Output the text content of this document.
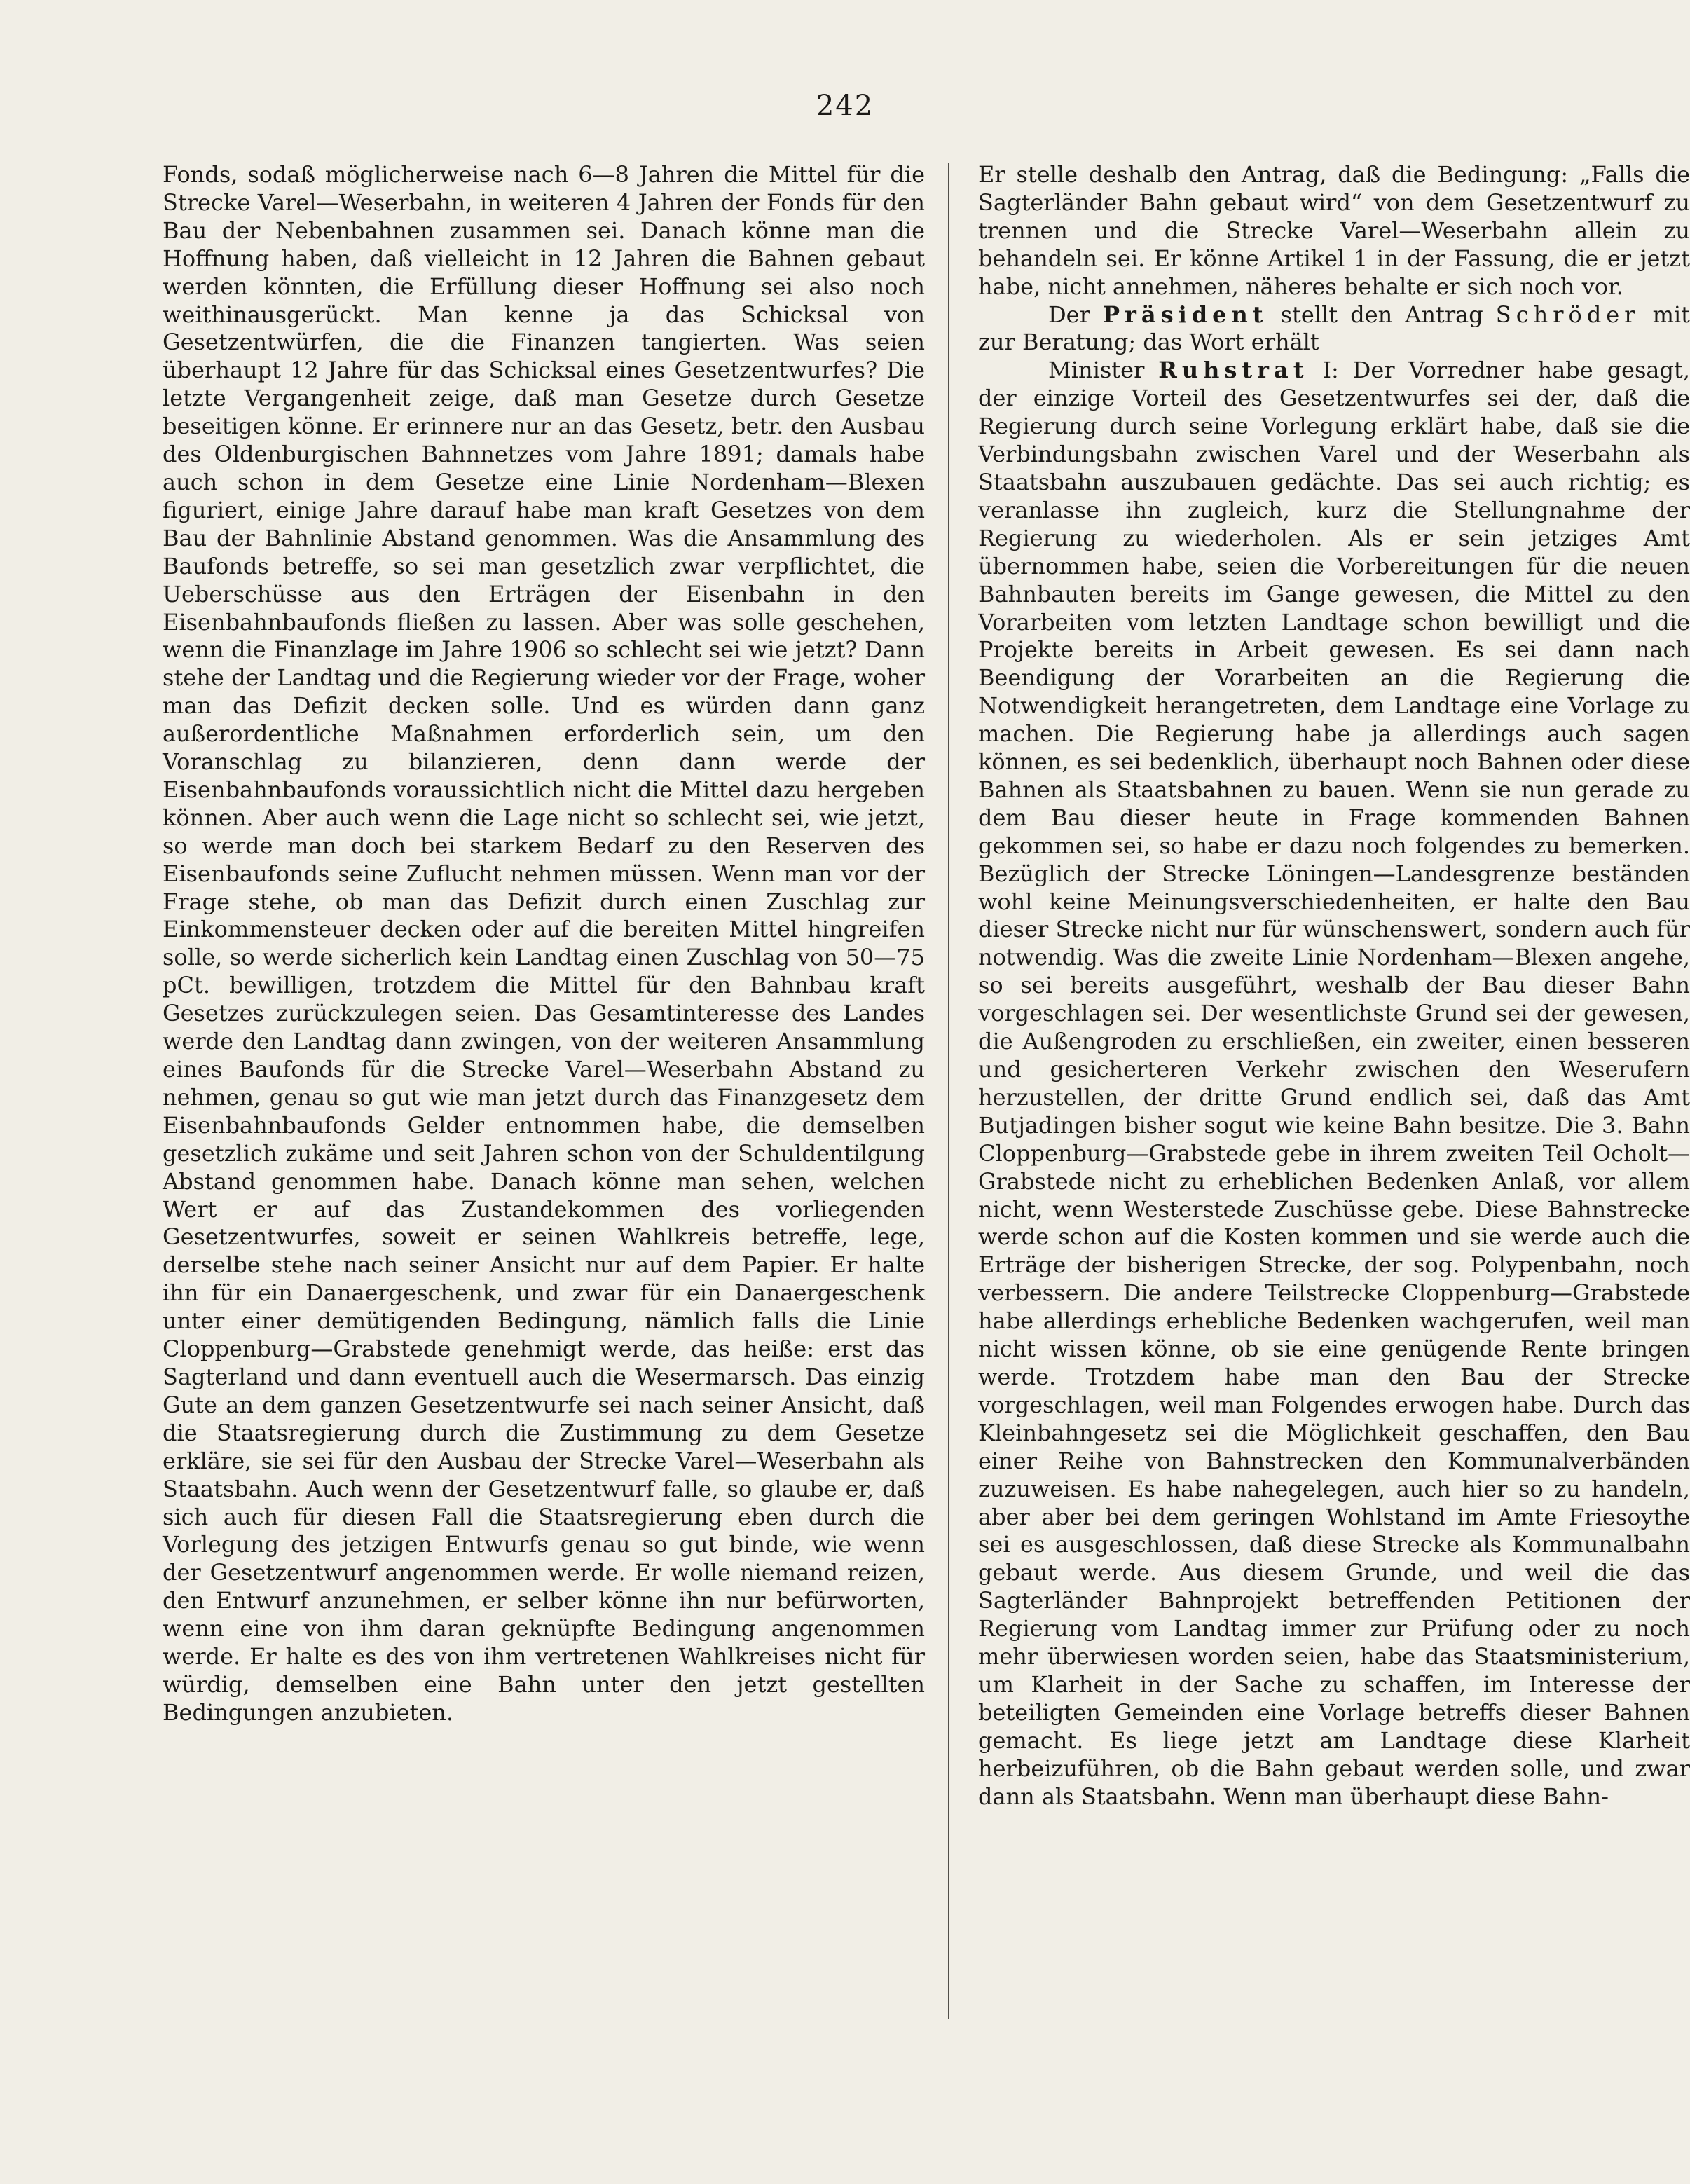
242

Fonds, sodaß möglicherweise nach 6—8 Jahren die Mittel für die Strecke Varel—Weserbahn, in weiteren 4 Jahren der Fonds für den Bau der Nebenbahnen zusammen sei. Danach könne man die Hoffnung haben, daß vielleicht in 12 Jahren die Bahnen gebaut werden könnten, die Erfüllung dieser Hoffnung sei also noch weithinausgerückt. Man kenne ja das Schicksal von Gesetzentwürfen, die die Finanzen tangierten. Was seien überhaupt 12 Jahre für das Schicksal eines Gesetzentwurfes? Die letzte Vergangenheit zeige, daß man Gesetze durch Gesetze beseitigen könne. Er erinnere nur an das Gesetz, betr. den Ausbau des Oldenburgischen Bahnnetzes vom Jahre 1891; damals habe auch schon in dem Gesetze eine Linie Nordenham—Blexen figuriert, einige Jahre darauf habe man kraft Gesetzes von dem Bau der Bahnlinie Abstand genommen. Was die Ansammlung des Baufonds betreffe, so sei man gesetzlich zwar verpflichtet, die Ueberschüsse aus den Erträgen der Eisenbahn in den Eisenbahnbaufonds fließen zu lassen. Aber was solle geschehen, wenn die Finanzlage im Jahre 1906 so schlecht sei wie jetzt? Dann stehe der Landtag und die Regierung wieder vor der Frage, woher man das Defizit decken solle. Und es würden dann ganz außerordentliche Maßnahmen erforderlich sein, um den Voranschlag zu bilanzieren, denn dann werde der Eisenbahnbaufonds voraussichtlich nicht die Mittel dazu hergeben können. Aber auch wenn die Lage nicht so schlecht sei, wie jetzt, so werde man doch bei starkem Bedarf zu den Reserven des Eisenbaufonds seine Zuflucht nehmen müssen. Wenn man vor der Frage stehe, ob man das Defizit durch einen Zuschlag zur Einkommensteuer decken oder auf die bereiten Mittel hingreifen solle, so werde sicherlich kein Landtag einen Zuschlag von 50—75 pCt. bewilligen, trotzdem die Mittel für den Bahnbau kraft Gesetzes zurückzulegen seien. Das Gesamtinteresse des Landes werde den Landtag dann zwingen, von der weiteren Ansammlung eines Baufonds für die Strecke Varel—Weserbahn Abstand zu nehmen, genau so gut wie man jetzt durch das Finanzgesetz dem Eisenbahnbaufonds Gelder entnommen habe, die demselben gesetzlich zukäme und seit Jahren schon von der Schuldentilgung Abstand genommen habe. Danach könne man sehen, welchen Wert er auf das Zustandekommen des vorliegenden Gesetzentwurfes, soweit er seinen Wahlkreis betreffe, lege, derselbe stehe nach seiner Ansicht nur auf dem Papier. Er halte ihn für ein Danaergeschenk, und zwar für ein Danaergeschenk unter einer demütigenden Bedingung, nämlich falls die Linie Cloppenburg—Grabstede genehmigt werde, das heiße: erst das Sagterland und dann eventuell auch die Wesermarsch. Das einzig Gute an dem ganzen Gesetzentwurfe sei nach seiner Ansicht, daß die Staatsregierung durch die Zustimmung zu dem Gesetze erkläre, sie sei für den Ausbau der Strecke Varel—Weserbahn als Staatsbahn. Auch wenn der Gesetzentwurf falle, so glaube er, daß sich auch für diesen Fall die Staatsregierung eben durch die Vorlegung des jetzigen Entwurfs genau so gut binde, wie wenn der Gesetzentwurf angenommen werde. Er wolle niemand reizen, den Entwurf anzunehmen, er selber könne ihn nur befürworten, wenn eine von ihm daran geknüpfte Bedingung angenommen werde. Er halte es des von ihm vertretenen Wahlkreises nicht für würdig, demselben eine Bahn unter den jetzt gestellten Bedingungen anzubieten.

Er stelle deshalb den Antrag, daß die Bedingung: „Falls die Sagterländer Bahn gebaut wird“ von dem Gesetzentwurf zu trennen und die Strecke Varel—Weserbahn allein zu behandeln sei. Er könne Artikel 1 in der Fassung, die er jetzt habe, nicht annehmen, näheres behalte er sich noch vor.

Der Präsident stellt den Antrag Schröder mit zur Beratung; das Wort erhält

Minister Ruhstrat I: Der Vorredner habe gesagt, der einzige Vorteil des Gesetzentwurfes sei der, daß die Regierung durch seine Vorlegung erklärt habe, daß sie die Verbindungsbahn zwischen Varel und der Weserbahn als Staatsbahn auszubauen gedächte. Das sei auch richtig; es veranlasse ihn zugleich, kurz die Stellungnahme der Regierung zu wiederholen. Als er sein jetziges Amt übernommen habe, seien die Vorbereitungen für die neuen Bahnbauten bereits im Gange gewesen, die Mittel zu den Vorarbeiten vom letzten Landtage schon bewilligt und die Projekte bereits in Arbeit gewesen. Es sei dann nach Beendigung der Vorarbeiten an die Regierung die Notwendigkeit herangetreten, dem Landtage eine Vorlage zu machen. Die Regierung habe ja allerdings auch sagen können, es sei bedenklich, überhaupt noch Bahnen oder diese Bahnen als Staatsbahnen zu bauen. Wenn sie nun gerade zu dem Bau dieser heute in Frage kommenden Bahnen gekommen sei, so habe er dazu noch folgendes zu bemerken. Bezüglich der Strecke Löningen—Landesgrenze beständen wohl keine Meinungsverschiedenheiten, er halte den Bau dieser Strecke nicht nur für wünschenswert, sondern auch für notwendig. Was die zweite Linie Nordenham—Blexen angehe, so sei bereits ausgeführt, weshalb der Bau dieser Bahn vorgeschlagen sei. Der wesentlichste Grund sei der gewesen, die Außengroden zu erschließen, ein zweiter, einen besseren und gesicherteren Verkehr zwischen den Weserufern herzustellen, der dritte Grund endlich sei, daß das Amt Butjadingen bisher sogut wie keine Bahn besitze. Die 3. Bahn Cloppenburg—Grabstede gebe in ihrem zweiten Teil Ocholt—Grabstede nicht zu erheblichen Bedenken Anlaß, vor allem nicht, wenn Westerstede Zuschüsse gebe. Diese Bahnstrecke werde schon auf die Kosten kommen und sie werde auch die Erträge der bisherigen Strecke, der sog. Polypenbahn, noch verbessern. Die andere Teilstrecke Cloppenburg—Grabstede habe allerdings erhebliche Bedenken wachgerufen, weil man nicht wissen könne, ob sie eine genügende Rente bringen werde. Trotzdem habe man den Bau der Strecke vorgeschlagen, weil man Folgendes erwogen habe. Durch das Kleinbahngesetz sei die Möglichkeit geschaffen, den Bau einer Reihe von Bahnstrecken den Kommunalverbänden zuzuweisen. Es habe nahegelegen, auch hier so zu handeln, aber aber bei dem geringen Wohlstand im Amte Friesoythe sei es ausgeschlossen, daß diese Strecke als Kommunalbahn gebaut werde. Aus diesem Grunde, und weil die das Sagterländer Bahnprojekt betreffenden Petitionen der Regierung vom Landtag immer zur Prüfung oder zu noch mehr überwiesen worden seien, habe das Staatsministerium, um Klarheit in der Sache zu schaffen, im Interesse der beteiligten Gemeinden eine Vorlage betreffs dieser Bahnen gemacht. Es liege jetzt am Landtage diese Klarheit herbeizuführen, ob die Bahn gebaut werden solle, und zwar dann als Staatsbahn. Wenn man überhaupt diese Bahn-
